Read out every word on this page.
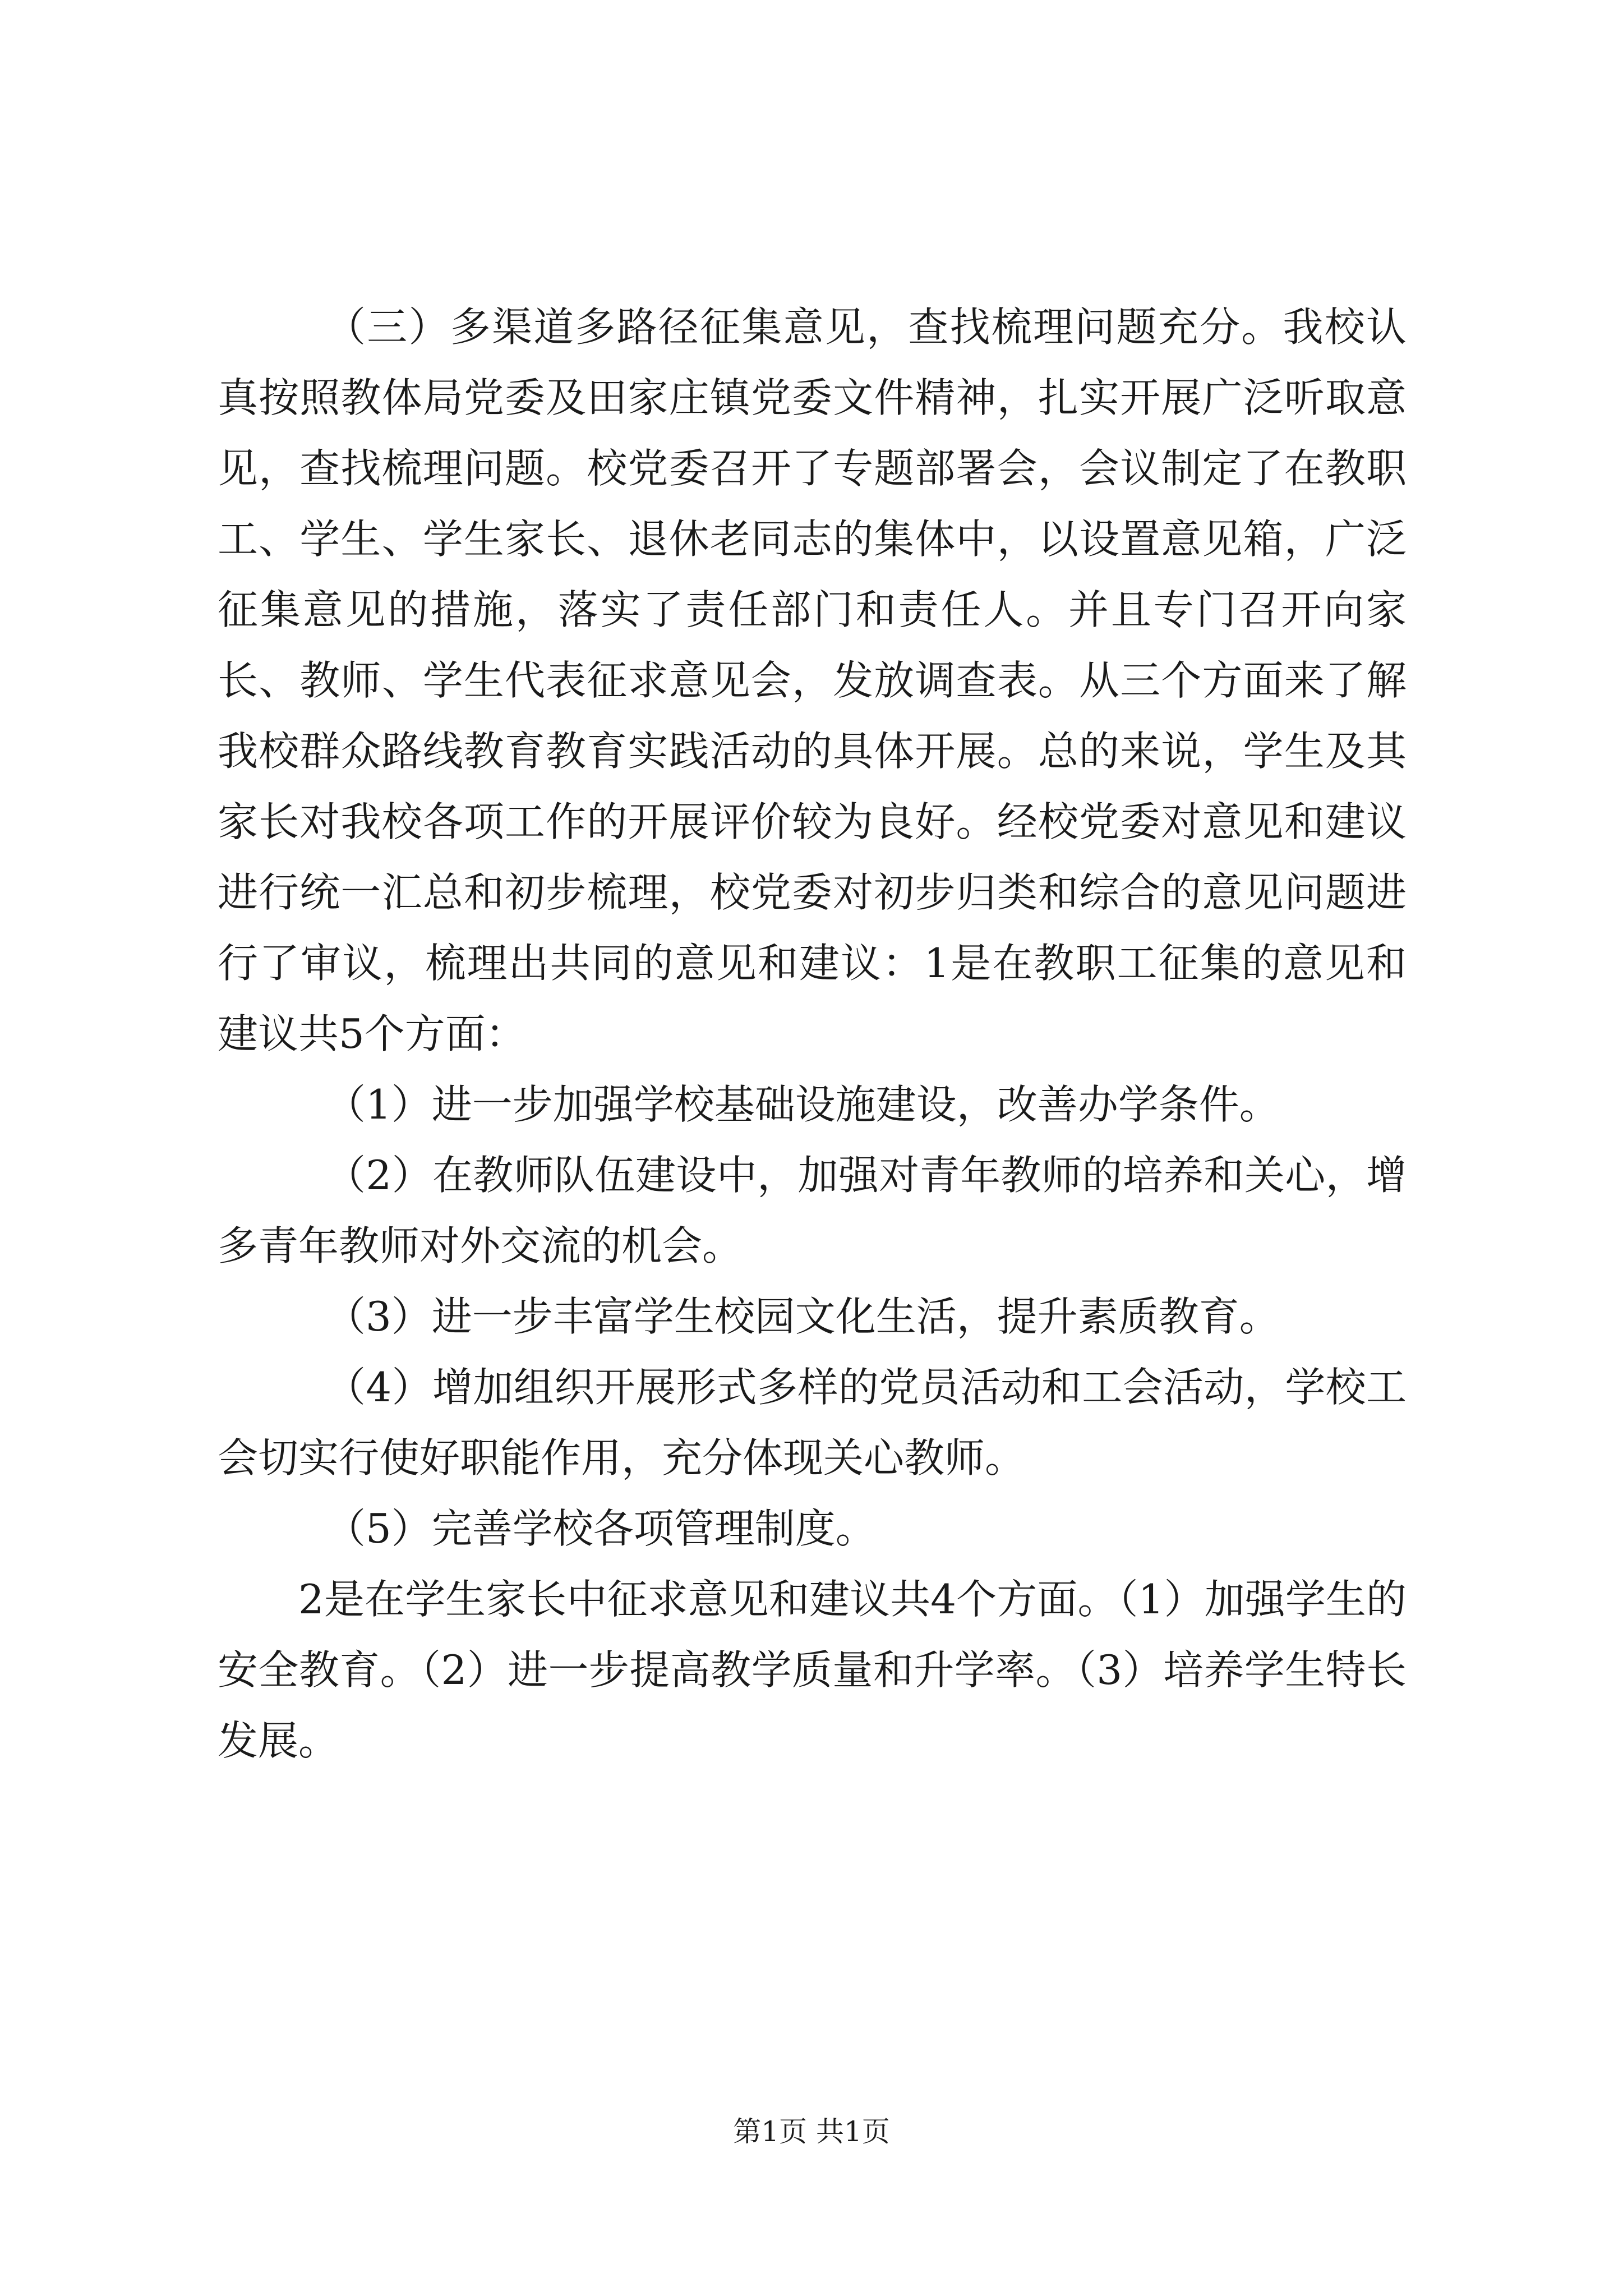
（三）多渠道多路径征集意见，查找梳理问题充分。我校认真按照教体局党委及田家庄镇党委文件精神，扎实开展广泛听取意见，查找梳理问题。校党委召开了专题部署会，会议制定了在教职工、学生、学生家长、退休老同志的集体中，以设置意见箱，广泛征集意见的措施，落实了责任部门和责任人。并且专门召开向家长、教师、学生代表征求意见会，发放调查表。从三个方面来了解我校群众路线教育教育实践活动的具体开展。总的来说，学生及其家长对我校各项工作的开展评价较为良好。经校党委对意见和建议进行统一汇总和初步梳理，校党委对初步归类和综合的意见问题进行了审议，梳理出共同的意见和建议：1是在教职工征集的意见和建议共5个方面：

（1）进一步加强学校基础设施建设，改善办学条件。

（2）在教师队伍建设中，加强对青年教师的培养和关心，增多青年教师对外交流的机会。

（3）进一步丰富学生校园文化生活，提升素质教育。

（4）增加组织开展形式多样的党员活动和工会活动，学校工会切实行使好职能作用，充分体现关心教师。

（5）完善学校各项管理制度。

2是在学生家长中征求意见和建议共4个方面。（1）加强学生的安全教育。（2）进一步提高教学质量和升学率。（3）培养学生特长发展。

第1页 共1页
